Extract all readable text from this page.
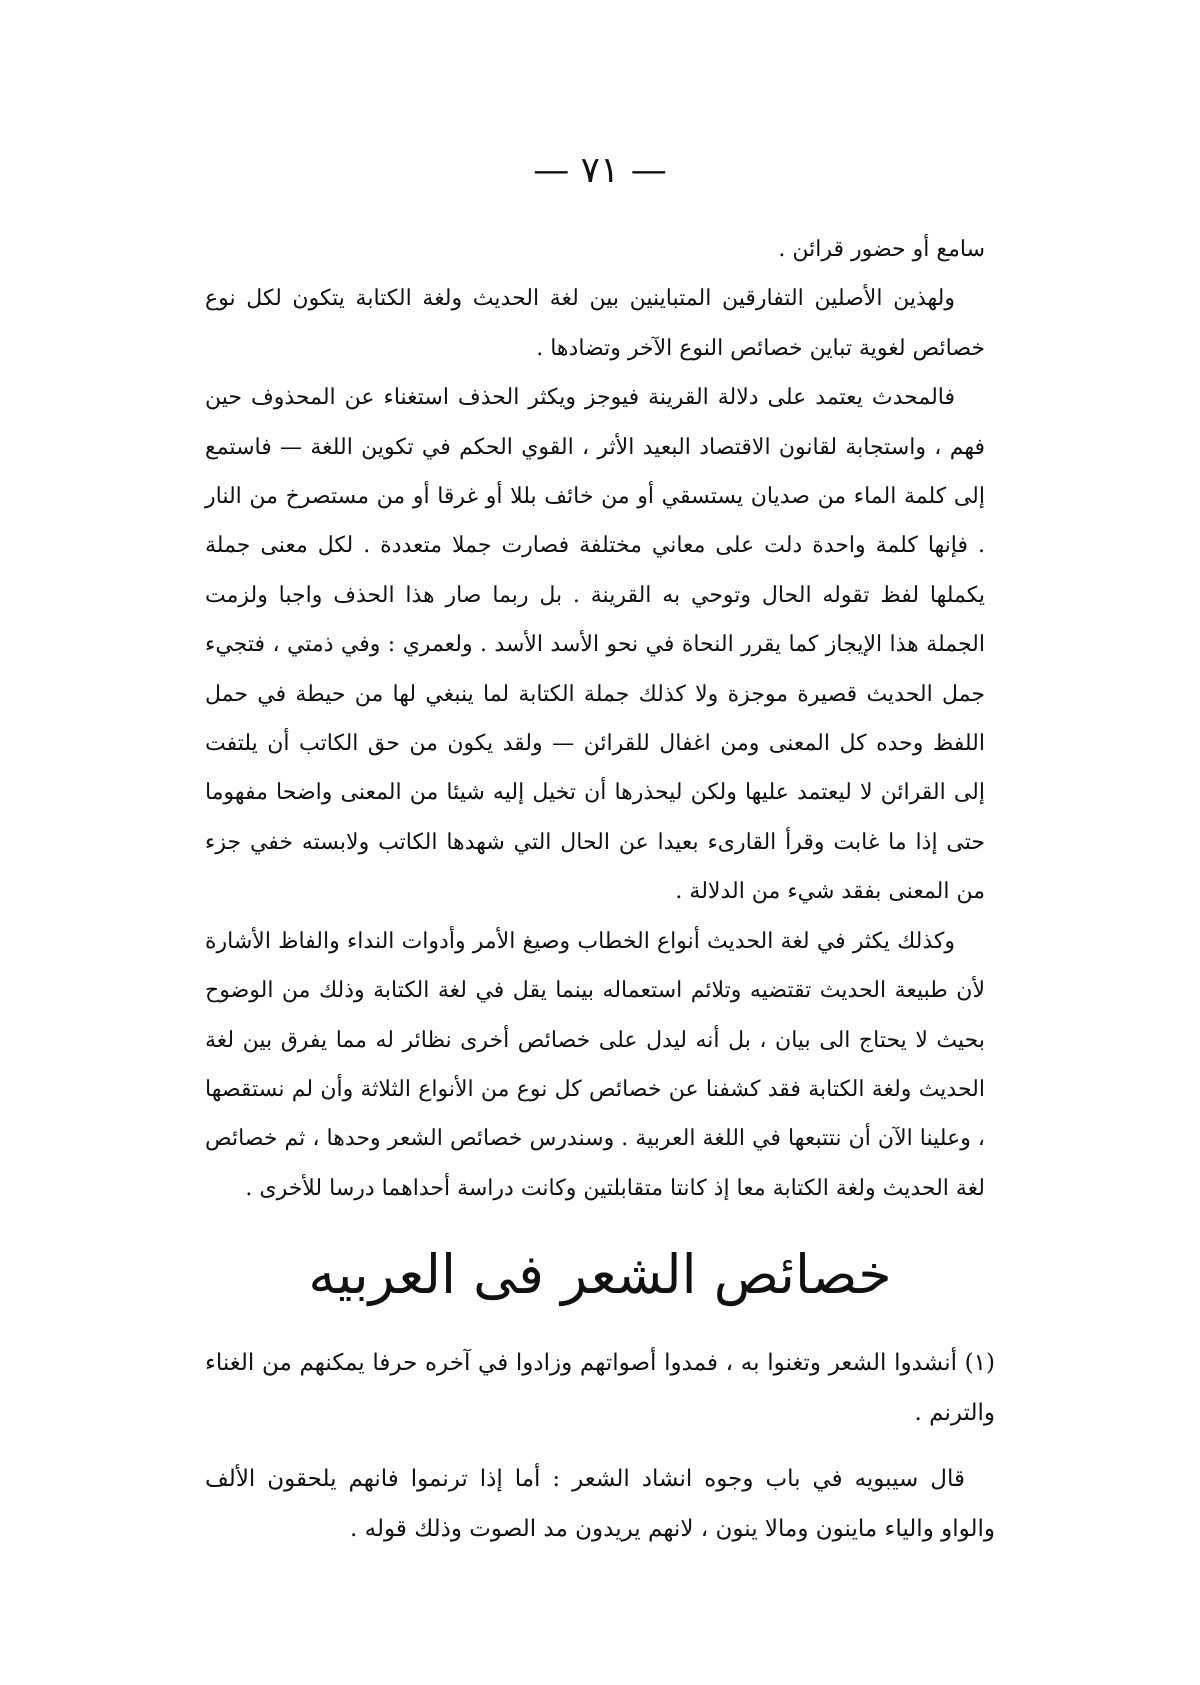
— ٧١ —

سامع أو حضور قرائن .

ولهذين الأصلين التفارقين المتباينين بين لغة الحديث ولغة الكتابة يتكون لكل نوع خصائص لغوية تباين خصائص النوع الآخر وتضادها .

فالمحدث يعتمد على دلالة القرينة فيوجز ويكثر الحذف استغناء عن المحذوف حين فهم ، واستجابة لقانون الاقتصاد البعيد الأثر ، القوي الحكم في تكوين اللغة — فاستمع إلى كلمة الماء من صديان يستسقي أو من خائف بللا أو غرقا أو من مستصرخ من النار . فإنها كلمة واحدة دلت على معاني مختلفة فصارت جملا متعددة . لكل معنى جملة يكملها لفظ تقوله الحال وتوحي به القرينة . بل ربما صار هذا الحذف واجبا ولزمت الجملة هذا الإيجاز كما يقرر النحاة في نحو الأسد الأسد . ولعمري : وفي ذمتي ، فتجيء جمل الحديث قصيرة موجزة ولا كذلك جملة الكتابة لما ينبغي لها من حيطة في حمل اللفظ وحده كل المعنى ومن اغفال للقرائن — ولقد يكون من حق الكاتب أن يلتفت إلى القرائن لا ليعتمد عليها ولكن ليحذرها أن تخيل إليه شيئا من المعنى واضحا مفهوما حتى إذا ما غابت وقرأ القارىء بعيدا عن الحال التي شهدها الكاتب ولابسته خفي جزء من المعنى بفقد شيء من الدلالة .

وكذلك يكثر في لغة الحديث أنواع الخطاب وصيغ الأمر وأدوات النداء والفاظ الأشارة لأن طبيعة الحديث تقتضيه وتلائم استعماله بينما يقل في لغة الكتابة وذلك من الوضوح بحيث لا يحتاج الى بيان ، بل أنه ليدل على خصائص أخرى نظائر له مما يفرق بين لغة الحديث ولغة الكتابة فقد كشفنا عن خصائص كل نوع من الأنواع الثلاثة وأن لم نستقصها ، وعلينا الآن أن نتتبعها في اللغة العربية . وسندرس خصائص الشعر وحدها ، ثم خصائص لغة الحديث ولغة الكتابة معا إذ كانتا متقابلتين وكانت دراسة أحداهما درسا للأخرى .

خصائص الشعر فى العربيه

(١) أنشدوا الشعر وتغنوا به ، فمدوا أصواتهم وزادوا في آخره حرفا يمكنهم من الغناء والترنم .

قال سيبويه في باب وجوه انشاد الشعر : أما إذا ترنموا فانهم يلحقون الألف والواو والياء ماينون ومالا ينون ، لانهم يريدون مد الصوت وذلك قوله .
